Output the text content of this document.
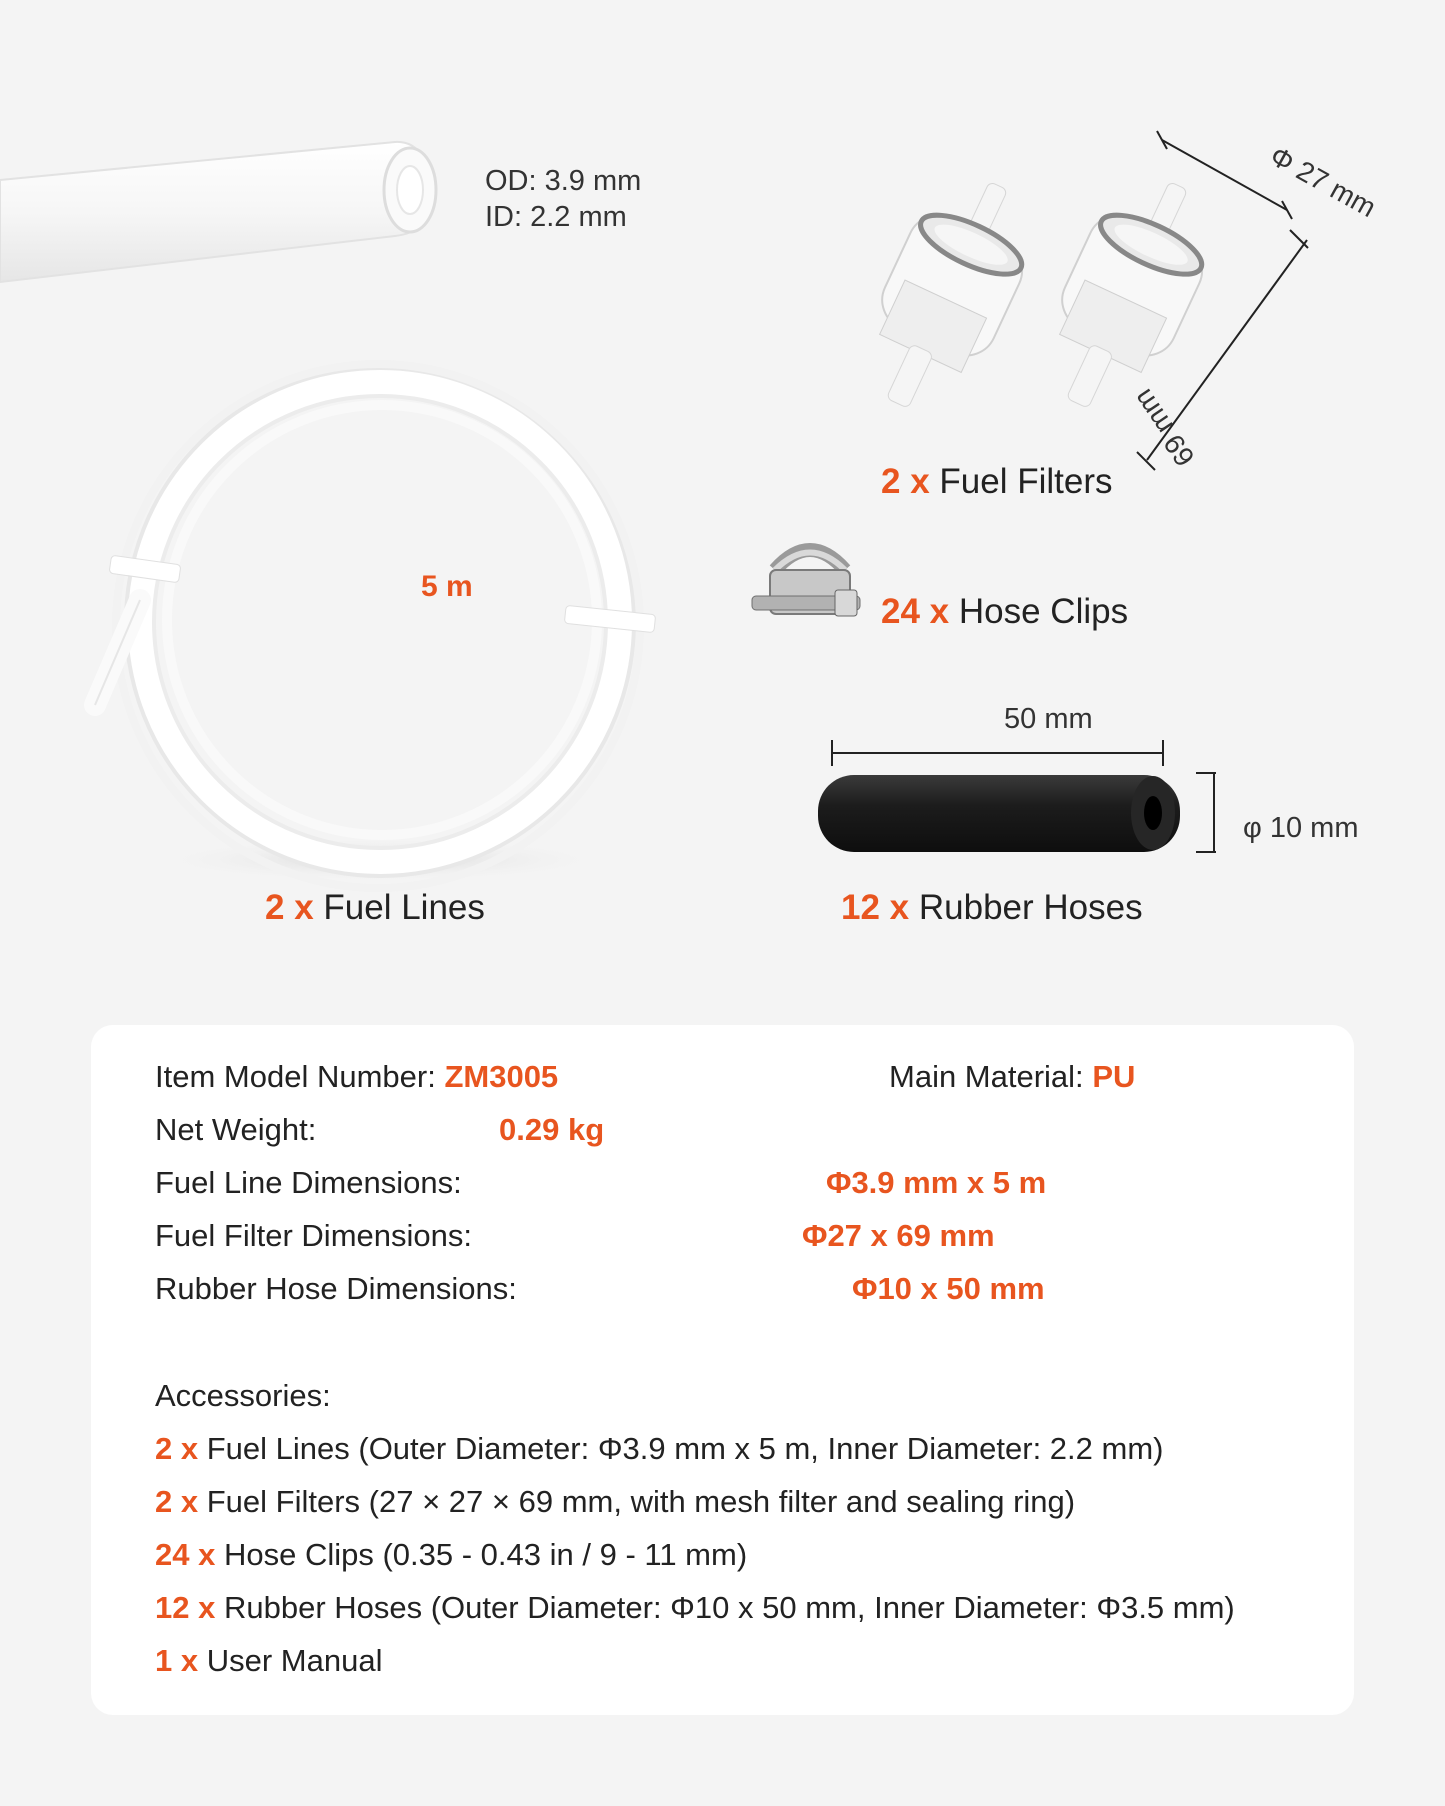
OD: 3.9 mm
ID: 2.2 mm
5 m
Φ 27 mm
69 mm
2 x Fuel Filters
24 x Hose Clips
50 mm
φ 10 mm
2 x Fuel Lines	12 x Rubber Hoses
Item Model Number: ZM3005	Main Material: PU
Net Weight:	0.29 kg
Fuel Line Dimensions:	Φ3.9 mm x 5 m
Fuel Filter Dimensions:	Φ27 x 69 mm
Rubber Hose Dimensions:	Φ10 x 50 mm
Accessories:
2 x Fuel Lines (Outer Diameter: Φ3.9 mm x 5 m, Inner Diameter: 2.2 mm)
2 x Fuel Filters (27 × 27 × 69 mm, with mesh filter and sealing ring)
24 x Hose Clips (0.35 - 0.43 in / 9 - 11 mm)
12 x Rubber Hoses (Outer Diameter: Φ10 x 50 mm, Inner Diameter: Φ3.5 mm)
1 x User Manual
